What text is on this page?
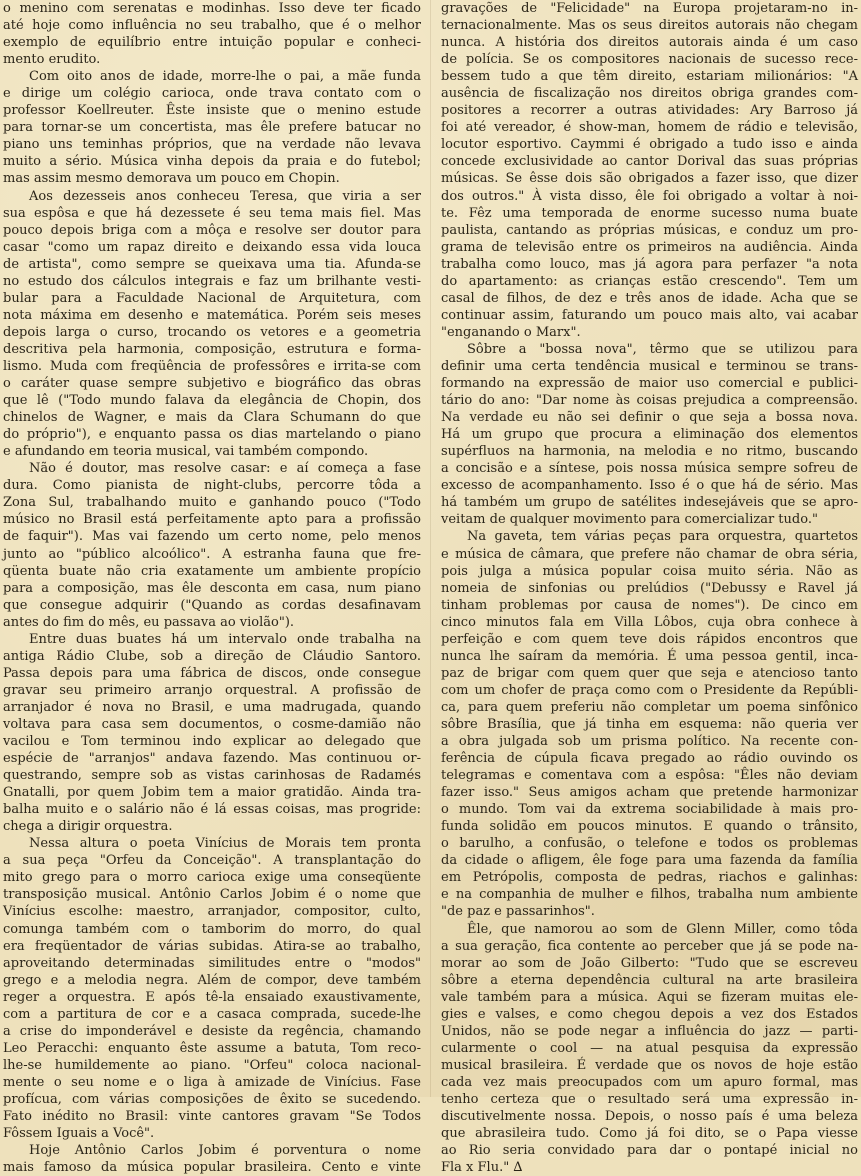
o menino com serenatas e modinhas. Isso deve ter ficado
até hoje como influência no seu trabalho, que é o melhor
exemplo de equilíbrio entre intuição popular e conheci-
mento erudito.
Com oito anos de idade, morre-lhe o pai, a mãe funda
e dirige um colégio carioca, onde trava contato com o
professor Koellreuter. Êste insiste que o menino estude
para tornar-se um concertista, mas êle prefere batucar no
piano uns teminhas próprios, que na verdade não levava
muito a sério. Música vinha depois da praia e do futebol;
mas assim mesmo demorava um pouco em Chopin.
Aos dezesseis anos conheceu Teresa, que viria a ser
sua espôsa e que há dezessete é seu tema mais fiel. Mas
pouco depois briga com a môça e resolve ser doutor para
casar "como um rapaz direito e deixando essa vida louca
de artista", como sempre se queixava uma tia. Afunda-se
no estudo dos cálculos integrais e faz um brilhante vesti-
bular para a Faculdade Nacional de Arquitetura, com
nota máxima em desenho e matemática. Porém seis meses
depois larga o curso, trocando os vetores e a geometria
descritiva pela harmonia, composição, estrutura e forma-
lismo. Muda com freqüência de professôres e irrita-se com
o caráter quase sempre subjetivo e biográfico das obras
que lê ("Todo mundo falava da elegância de Chopin, dos
chinelos de Wagner, e mais da Clara Schumann do que
do próprio"), e enquanto passa os dias martelando o piano
e afundando em teoria musical, vai também compondo.
Não é doutor, mas resolve casar: e aí começa a fase
dura. Como pianista de night-clubs, percorre tôda a
Zona Sul, trabalhando muito e ganhando pouco ("Todo
músico no Brasil está perfeitamente apto para a profissão
de faquir"). Mas vai fazendo um certo nome, pelo menos
junto ao "público alcoólico". A estranha fauna que fre-
qüenta buate não cria exatamente um ambiente propício
para a composição, mas êle desconta em casa, num piano
que consegue adquirir ("Quando as cordas desafinavam
antes do fim do mês, eu passava ao violão").
Entre duas buates há um intervalo onde trabalha na
antiga Rádio Clube, sob a direção de Cláudio Santoro.
Passa depois para uma fábrica de discos, onde consegue
gravar seu primeiro arranjo orquestral. A profissão de
arranjador é nova no Brasil, e uma madrugada, quando
voltava para casa sem documentos, o cosme-damião não
vacilou e Tom terminou indo explicar ao delegado que
espécie de "arranjos" andava fazendo. Mas continuou or-
questrando, sempre sob as vistas carinhosas de Radamés
Gnatalli, por quem Jobim tem a maior gratidão. Ainda tra-
balha muito e o salário não é lá essas coisas, mas progride:
chega a dirigir orquestra.
Nessa altura o poeta Vinícius de Morais tem pronta
a sua peça "Orfeu da Conceição". A transplantação do
mito grego para o morro carioca exige uma conseqüente
transposição musical. Antônio Carlos Jobim é o nome que
Vinícius escolhe: maestro, arranjador, compositor, culto,
comunga também com o tamborim do morro, do qual
era freqüentador de várias subidas. Atira-se ao trabalho,
aproveitando determinadas similitudes entre o "modos"
grego e a melodia negra. Além de compor, deve também
reger a orquestra. E após tê-la ensaiado exaustivamente,
com a partitura de cor e a casaca comprada, sucede-lhe
a crise do imponderável e desiste da regência, chamando
Leo Peracchi: enquanto êste assume a batuta, Tom reco-
lhe-se humildemente ao piano. "Orfeu" coloca nacional-
mente o seu nome e o liga à amizade de Vinícius. Fase
profícua, com várias composições de êxito se sucedendo.
Fato inédito no Brasil: vinte cantores gravam "Se Todos
Fôssem Iguais a Você".
Hoje Antônio Carlos Jobim é porventura o nome
mais famoso da música popular brasileira. Cento e vinte
gravações de "Felicidade" na Europa projetaram-no in-
ternacionalmente. Mas os seus direitos autorais não chegam
nunca. A história dos direitos autorais ainda é um caso
de polícia. Se os compositores nacionais de sucesso rece-
bessem tudo a que têm direito, estariam milionários: "A
ausência de fiscalização nos direitos obriga grandes com-
positores a recorrer a outras atividades: Ary Barroso já
foi até vereador, é show-man, homem de rádio e televisão,
locutor esportivo. Caymmi é obrigado a tudo isso e ainda
concede exclusividade ao cantor Dorival das suas próprias
músicas. Se êsse dois são obrigados a fazer isso, que dizer
dos outros." À vista disso, êle foi obrigado a voltar à noi-
te. Fêz uma temporada de enorme sucesso numa buate
paulista, cantando as próprias músicas, e conduz um pro-
grama de televisão entre os primeiros na audiência. Ainda
trabalha como louco, mas já agora para perfazer "a nota
do apartamento: as crianças estão crescendo". Tem um
casal de filhos, de dez e três anos de idade. Acha que se
continuar assim, faturando um pouco mais alto, vai acabar
"enganando o Marx".
Sôbre a "bossa nova", têrmo que se utilizou para
definir uma certa tendência musical e terminou se trans-
formando na expressão de maior uso comercial e publici-
tário do ano: "Dar nome às coisas prejudica a compreensão.
Na verdade eu não sei definir o que seja a bossa nova.
Há um grupo que procura a eliminação dos elementos
supérfluos na harmonia, na melodia e no ritmo, buscando
a concisão e a síntese, pois nossa música sempre sofreu de
excesso de acompanhamento. Isso é o que há de sério. Mas
há também um grupo de satélites indesejáveis que se apro-
veitam de qualquer movimento para comercializar tudo."
Na gaveta, tem várias peças para orquestra, quartetos
e música de câmara, que prefere não chamar de obra séria,
pois julga a música popular coisa muito séria. Não as
nomeia de sinfonias ou prelúdios ("Debussy e Ravel já
tinham problemas por causa de nomes"). De cinco em
cinco minutos fala em Villa Lôbos, cuja obra conhece à
perfeição e com quem teve dois rápidos encontros que
nunca lhe saíram da memória. É uma pessoa gentil, inca-
paz de brigar com quem quer que seja e atencioso tanto
com um chofer de praça como com o Presidente da Repúbli-
ca, para quem preferiu não completar um poema sinfônico
sôbre Brasília, que já tinha em esquema: não queria ver
a obra julgada sob um prisma político. Na recente con-
ferência de cúpula ficava pregado ao rádio ouvindo os
telegramas e comentava com a espôsa: "Êles não deviam
fazer isso." Seus amigos acham que pretende harmonizar
o mundo. Tom vai da extrema sociabilidade à mais pro-
funda solidão em poucos minutos. E quando o trânsito,
o barulho, a confusão, o telefone e todos os problemas
da cidade o afligem, êle foge para uma fazenda da família
em Petrópolis, composta de pedras, riachos e galinhas:
e na companhia de mulher e filhos, trabalha num ambiente
"de paz e passarinhos".
Êle, que namorou ao som de Glenn Miller, como tôda
a sua geração, fica contente ao perceber que já se pode na-
morar ao som de João Gilberto: "Tudo que se escreveu
sôbre a eterna dependência cultural na arte brasileira
vale também para a música. Aqui se fizeram muitas ele-
gies e valses, e como chegou depois a vez dos Estados
Unidos, não se pode negar a influência do jazz — parti-
cularmente o cool — na atual pesquisa da expressão
musical brasileira. É verdade que os novos de hoje estão
cada vez mais preocupados com um apuro formal, mas
tenho certeza que o resultado será uma expressão in-
discutivelmente nossa. Depois, o nosso país é uma beleza
que abrasileira tudo. Como já foi dito, se o Papa viesse
ao Rio seria convidado para dar o pontapé inicial no
Fla x Flu." ∆
